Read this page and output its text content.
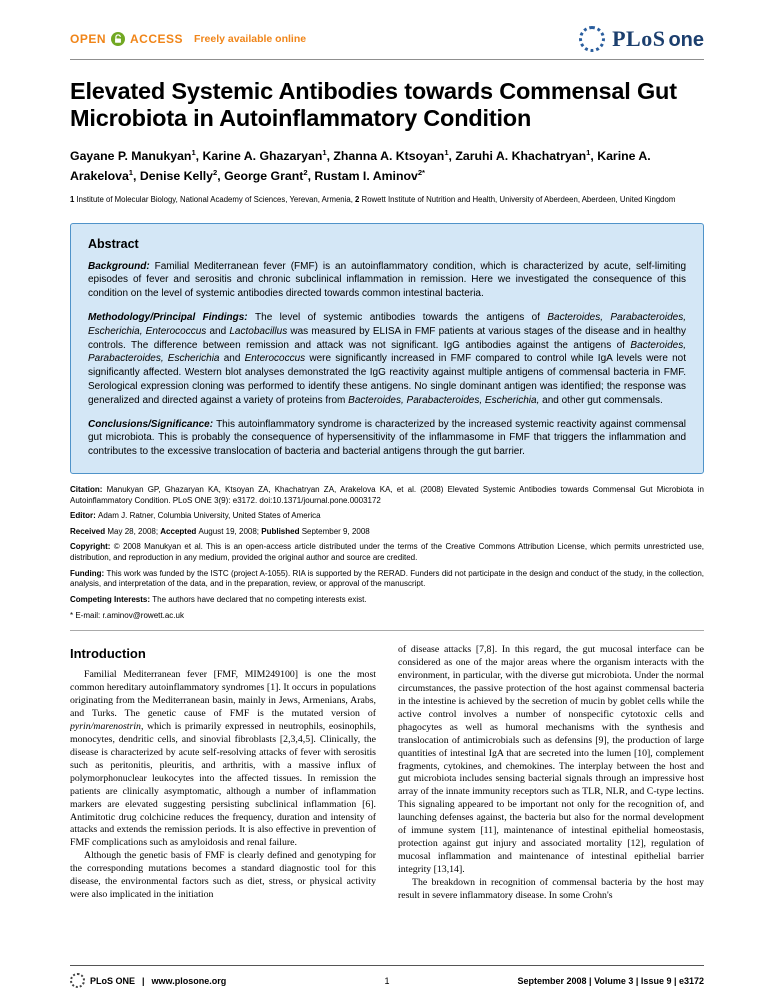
OPEN ACCESS Freely available online	PLoS one
Elevated Systemic Antibodies towards Commensal Gut Microbiota in Autoinflammatory Condition

Gayane P. Manukyan$^1$, Karine A. Ghazaryan$^1$, Zhanna A. Ktsoyan$^1$, Zaruhi A. Khachatryan$^1$, Karine A. Arakelova$^1$, Denise Kelly$^2$, George Grant$^2$, Rustam I. Aminov$^{2*}$

1 Institute of Molecular Biology, National Academy of Sciences, Yerevan, Armenia, 2 Rowett Institute of Nutrition and Health, University of Aberdeen, Aberdeen, United Kingdom

Abstract

Background: Familial Mediterranean fever (FMF) is an autoinflammatory condition, which is characterized by acute, self-limiting episodes of fever and serositis and chronic subclinical inflammation in remission. Here we investigated the consequence of this condition on the level of systemic antibodies directed towards common intestinal bacteria.

Methodology/Principal Findings: The level of systemic antibodies towards the antigens of Bacteroides, Parabacteroides, Escherichia, Enterococcus and Lactobacillus was measured by ELISA in FMF patients at various stages of the disease and in healthy controls. The difference between remission and attack was not significant. IgG antibodies against the antigens of Bacteroides, Parabacteroides, Escherichia and Enterococcus were significantly increased in FMF compared to control while IgA levels were not significantly affected. Western blot analyses demonstrated the IgG reactivity against multiple antigens of commensal bacteria in FMF. Serological expression cloning was performed to identify these antigens. No single dominant antigen was identified; the response was generalized and directed against a variety of proteins from Bacteroides, Parabacteroides, Escherichia, and other gut commensals.

Conclusions/Significance: This autoinflammatory syndrome is characterized by the increased systemic reactivity against commensal gut microbiota. This is probably the consequence of hypersensitivity of the inflammasome in FMF that triggers the inflammation and contributes to the excessive translocation of bacteria and bacterial antigens through the gut barrier.

Citation: Manukyan GP, Ghazaryan KA, Ktsoyan ZA, Khachatryan ZA, Arakelova KA, et al. (2008) Elevated Systemic Antibodies towards Commensal Gut Microbiota in Autoinflammatory Condition. PLoS ONE 3(9): e3172. doi:10.1371/journal.pone.0003172

Editor: Adam J. Ratner, Columbia University, United States of America

Received May 28, 2008; Accepted August 19, 2008; Published September 9, 2008

Copyright: © 2008 Manukyan et al. This is an open-access article distributed under the terms of the Creative Commons Attribution License, which permits unrestricted use, distribution, and reproduction in any medium, provided the original author and source are credited.

Funding: This work was funded by the ISTC (project A-1055). RIA is supported by the RERAD. Funders did not participate in the design and conduct of the study, in the collection, analysis, and interpretation of the data, and in the preparation, review, or approval of the manuscript.

Competing Interests: The authors have declared that no competing interests exist.

* E-mail: r.aminov@rowett.ac.uk

Introduction

Familial Mediterranean fever [FMF, MIM249100] is one the most common hereditary autoinflammatory syndromes [1]. It occurs in populations originating from the Mediterranean basin, mainly in Jews, Armenians, Arabs, and Turks. The genetic cause of FMF is the mutated version of pyrin/marenostrin, which is primarily expressed in neutrophils, eosinophils, monocytes, dendritic cells, and sinovial fibroblasts [2,3,4,5]. Clinically, the disease is characterized by acute self-resolving attacks of fever with serositis such as peritonitis, pleuritis, and arthritis, with a massive influx of polymorphonuclear leukocytes into the affected tissues. In remission the patients are clinically asymptomatic, although a number of inflammation markers are elevated suggesting persisting subclinical inflammation [6]. Antimitotic drug colchicine reduces the frequency, duration and intensity of attacks and extends the remission periods. It is also effective in prevention of FMF complications such as amyloidosis and renal failure.

Although the genetic basis of FMF is clearly defined and genotyping for the corresponding mutations becomes a standard diagnostic tool for this disease, the environmental factors such as diet, stress, or physical activity were also implicated in the initiation

of disease attacks [7,8]. In this regard, the gut mucosal interface can be considered as one of the major areas where the organism interacts with the environment, in particular, with the diverse gut microbiota. Under the normal circumstances, the passive protection of the host against commensal bacteria in the intestine is achieved by the secretion of mucin by goblet cells while the active control involves a number of nonspecific cytotoxic cells and phagocytes as well as humoral mechanisms with the synthesis and translocation of antimicrobials such as defensins [9], the production of large quantities of intestinal IgA that are secreted into the lumen [10], complement fragments, cytokines, and chemokines. The interplay between the host and gut microbiota includes sensing bacterial signals through an impressive host array of the innate immunity receptors such as TLR, NLR, and C-type lectins. This signaling appeared to be important not only for the recognition of, and launching defenses against, the bacteria but also for the normal development of immune system [11], maintenance of intestinal epithelial homeostasis, protection against gut injury and associated mortality [12], regulation of mucosal inflammation and maintenance of intestinal epithelial barrier integrity [13,14].

The breakdown in recognition of commensal bacteria by the host may result in severe inflammatory disease. In some Crohn's

PLoS ONE | www.plosone.org	1	September 2008 | Volume 3 | Issue 9 | e3172
